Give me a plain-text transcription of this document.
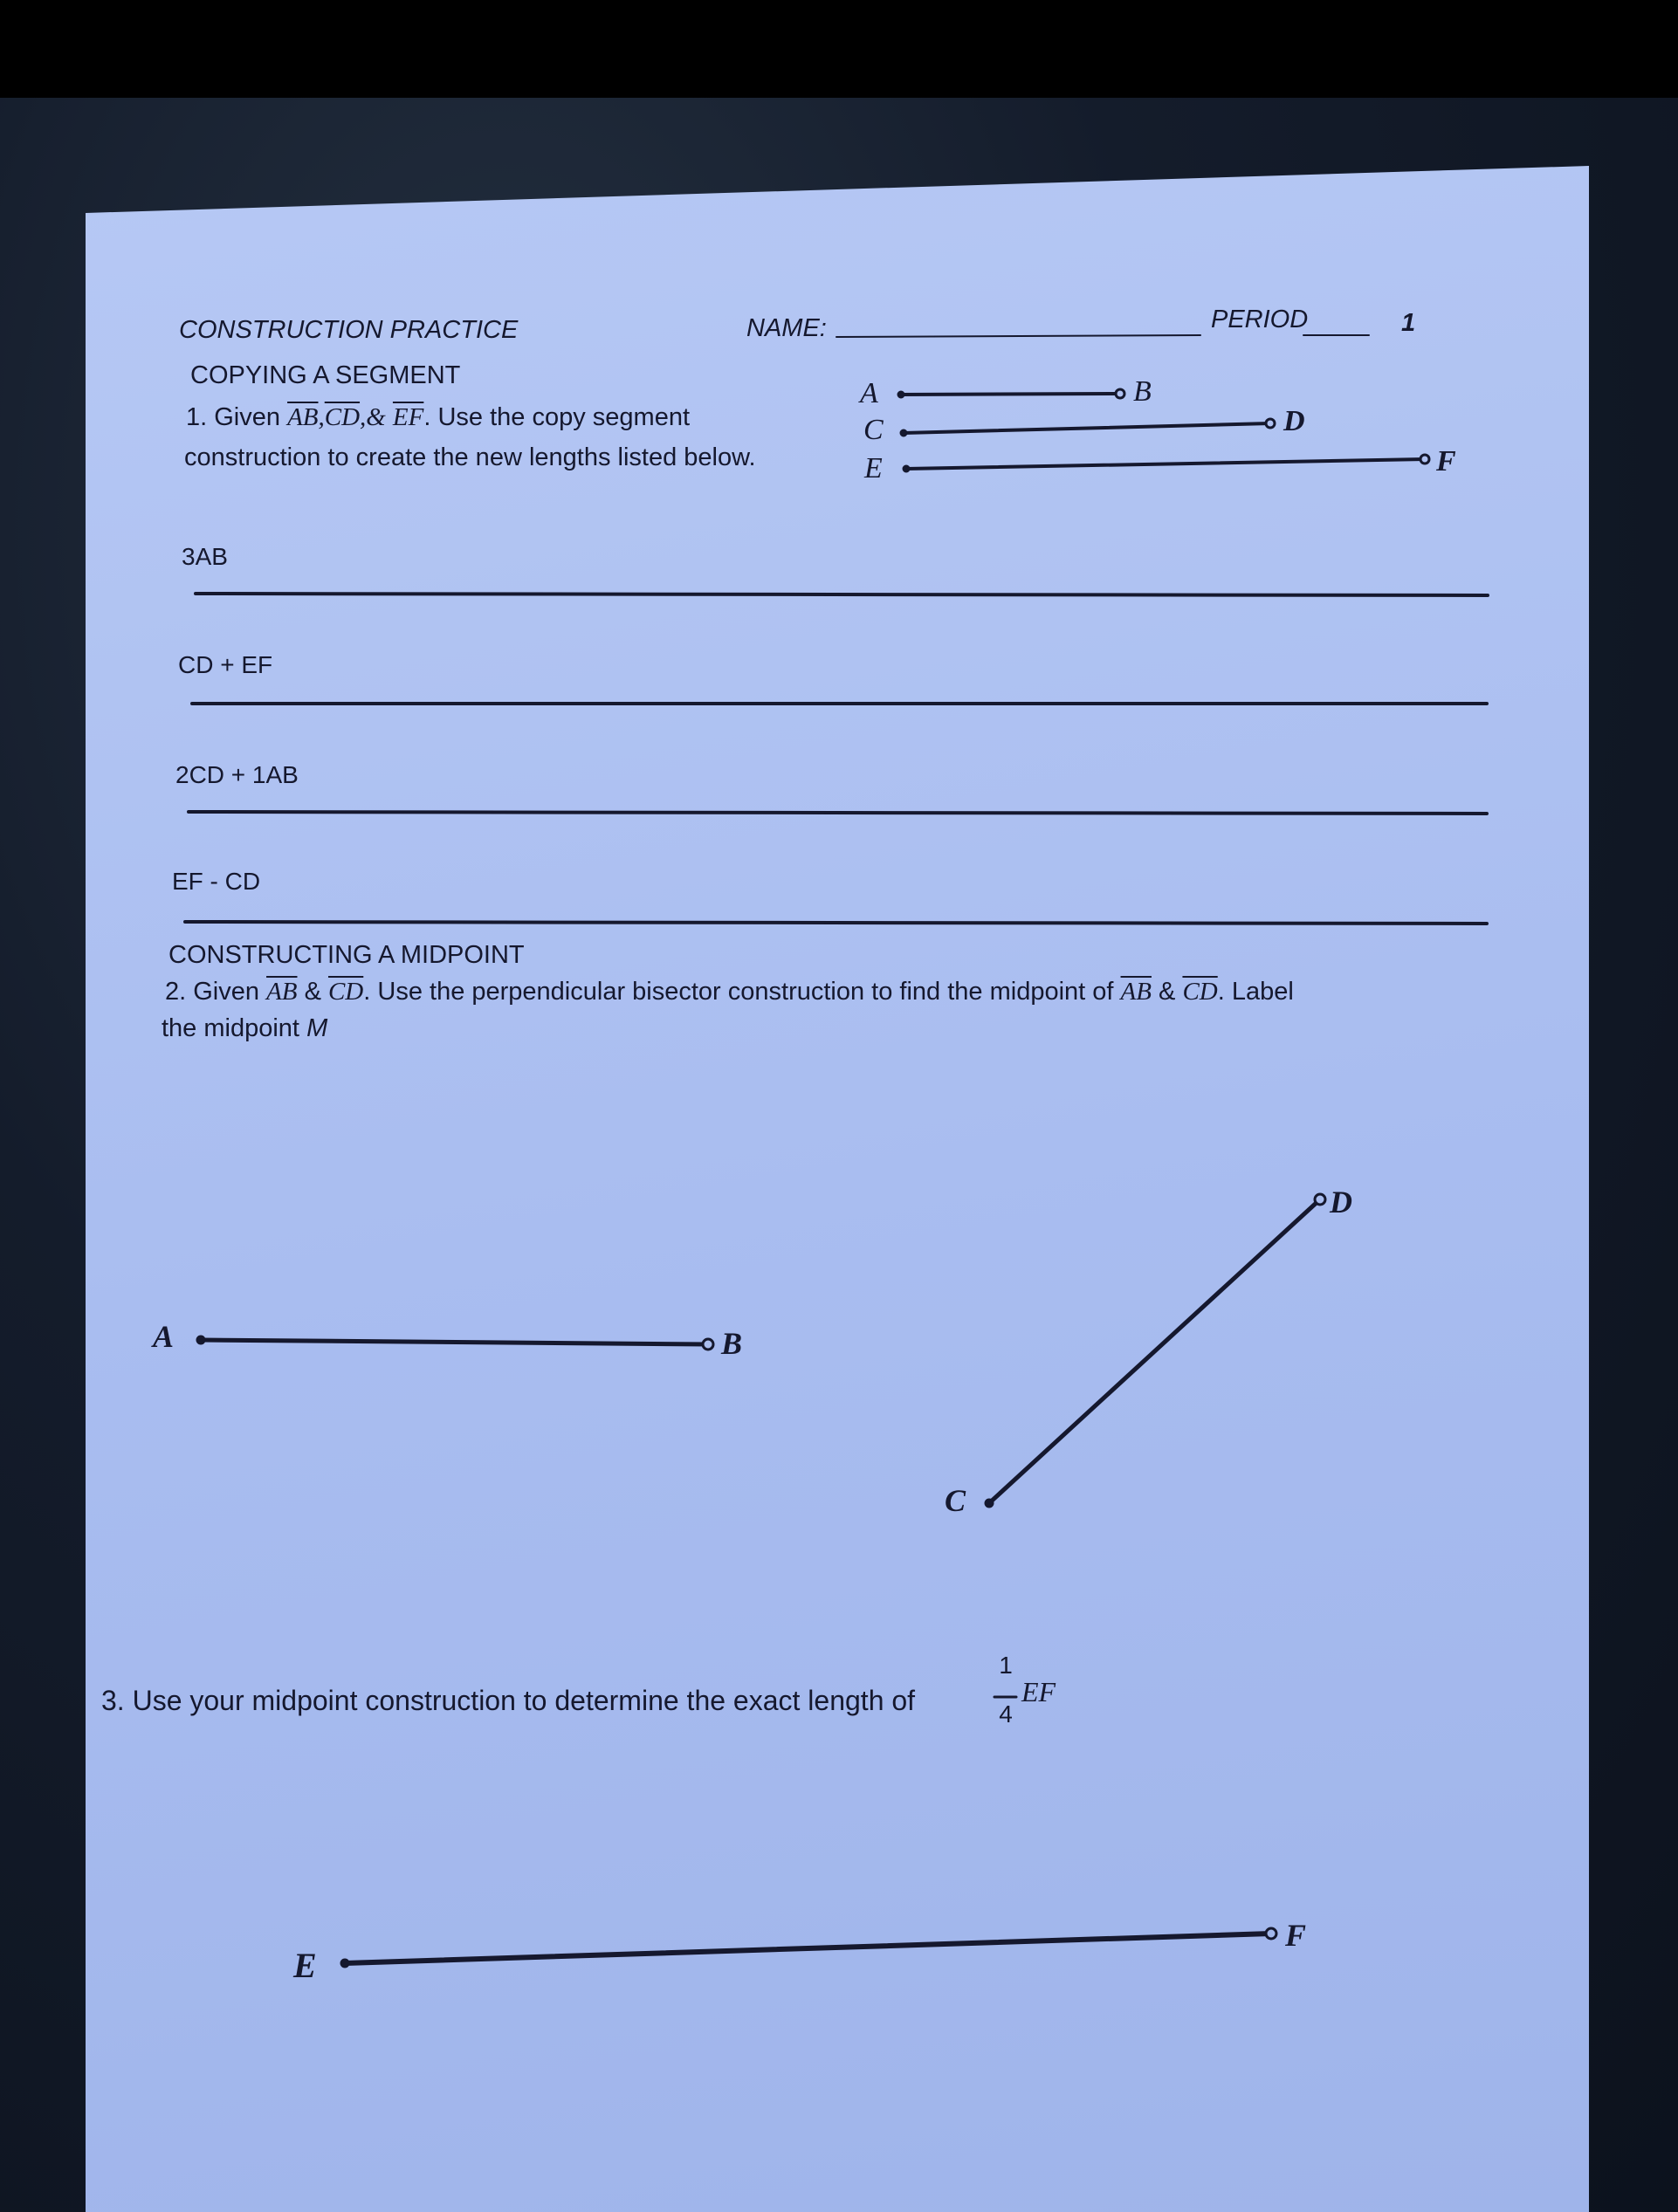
CONSTRUCTION PRACTICE	NAME:	PERIOD	1
COPYING A SEGMENT
1. Given $\overline{AB},\overline{CD},\&$ $\overline{EF}$. Use the copy segment
construction to create the new lengths listed below.
A	B
C	D
E	F
3AB
CD + EF
2CD + 1AB
EF - CD
CONSTRUCTING A MIDPOINT
2. Given $\overline{AB}$ & $\overline{CD}$. Use the perpendicular bisector construction to find the midpoint of $\overline{AB}$ & $\overline{CD}$. Label
the midpoint M
A	B
C
D
3. Use your midpoint construction to determine the exact length of
1
4
EF
E
F
